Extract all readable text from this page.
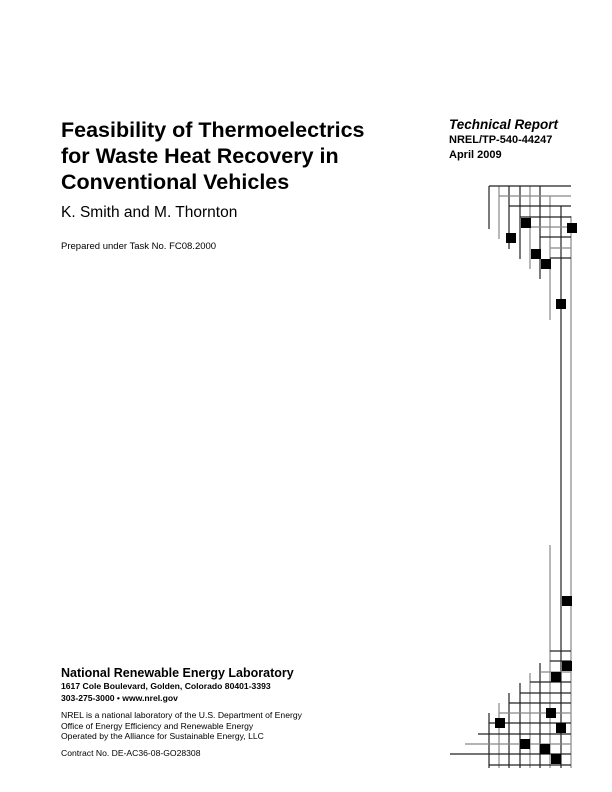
Feasibility of Thermoelectrics
for Waste Heat Recovery in
Conventional Vehicles
K. Smith and M. Thornton
Prepared under Task No. FC08.2000
Technical Report
NREL/TP-540-44247
April 2009
National Renewable Energy Laboratory
1617 Cole Boulevard, Golden, Colorado 80401-3393
303-275-3000 • www.nrel.gov
NREL is a national laboratory of the U.S. Department of Energy
Office of Energy Efficiency and Renewable Energy
Operated by the Alliance for Sustainable Energy, LLC
Contract No. DE-AC36-08-GO28308
